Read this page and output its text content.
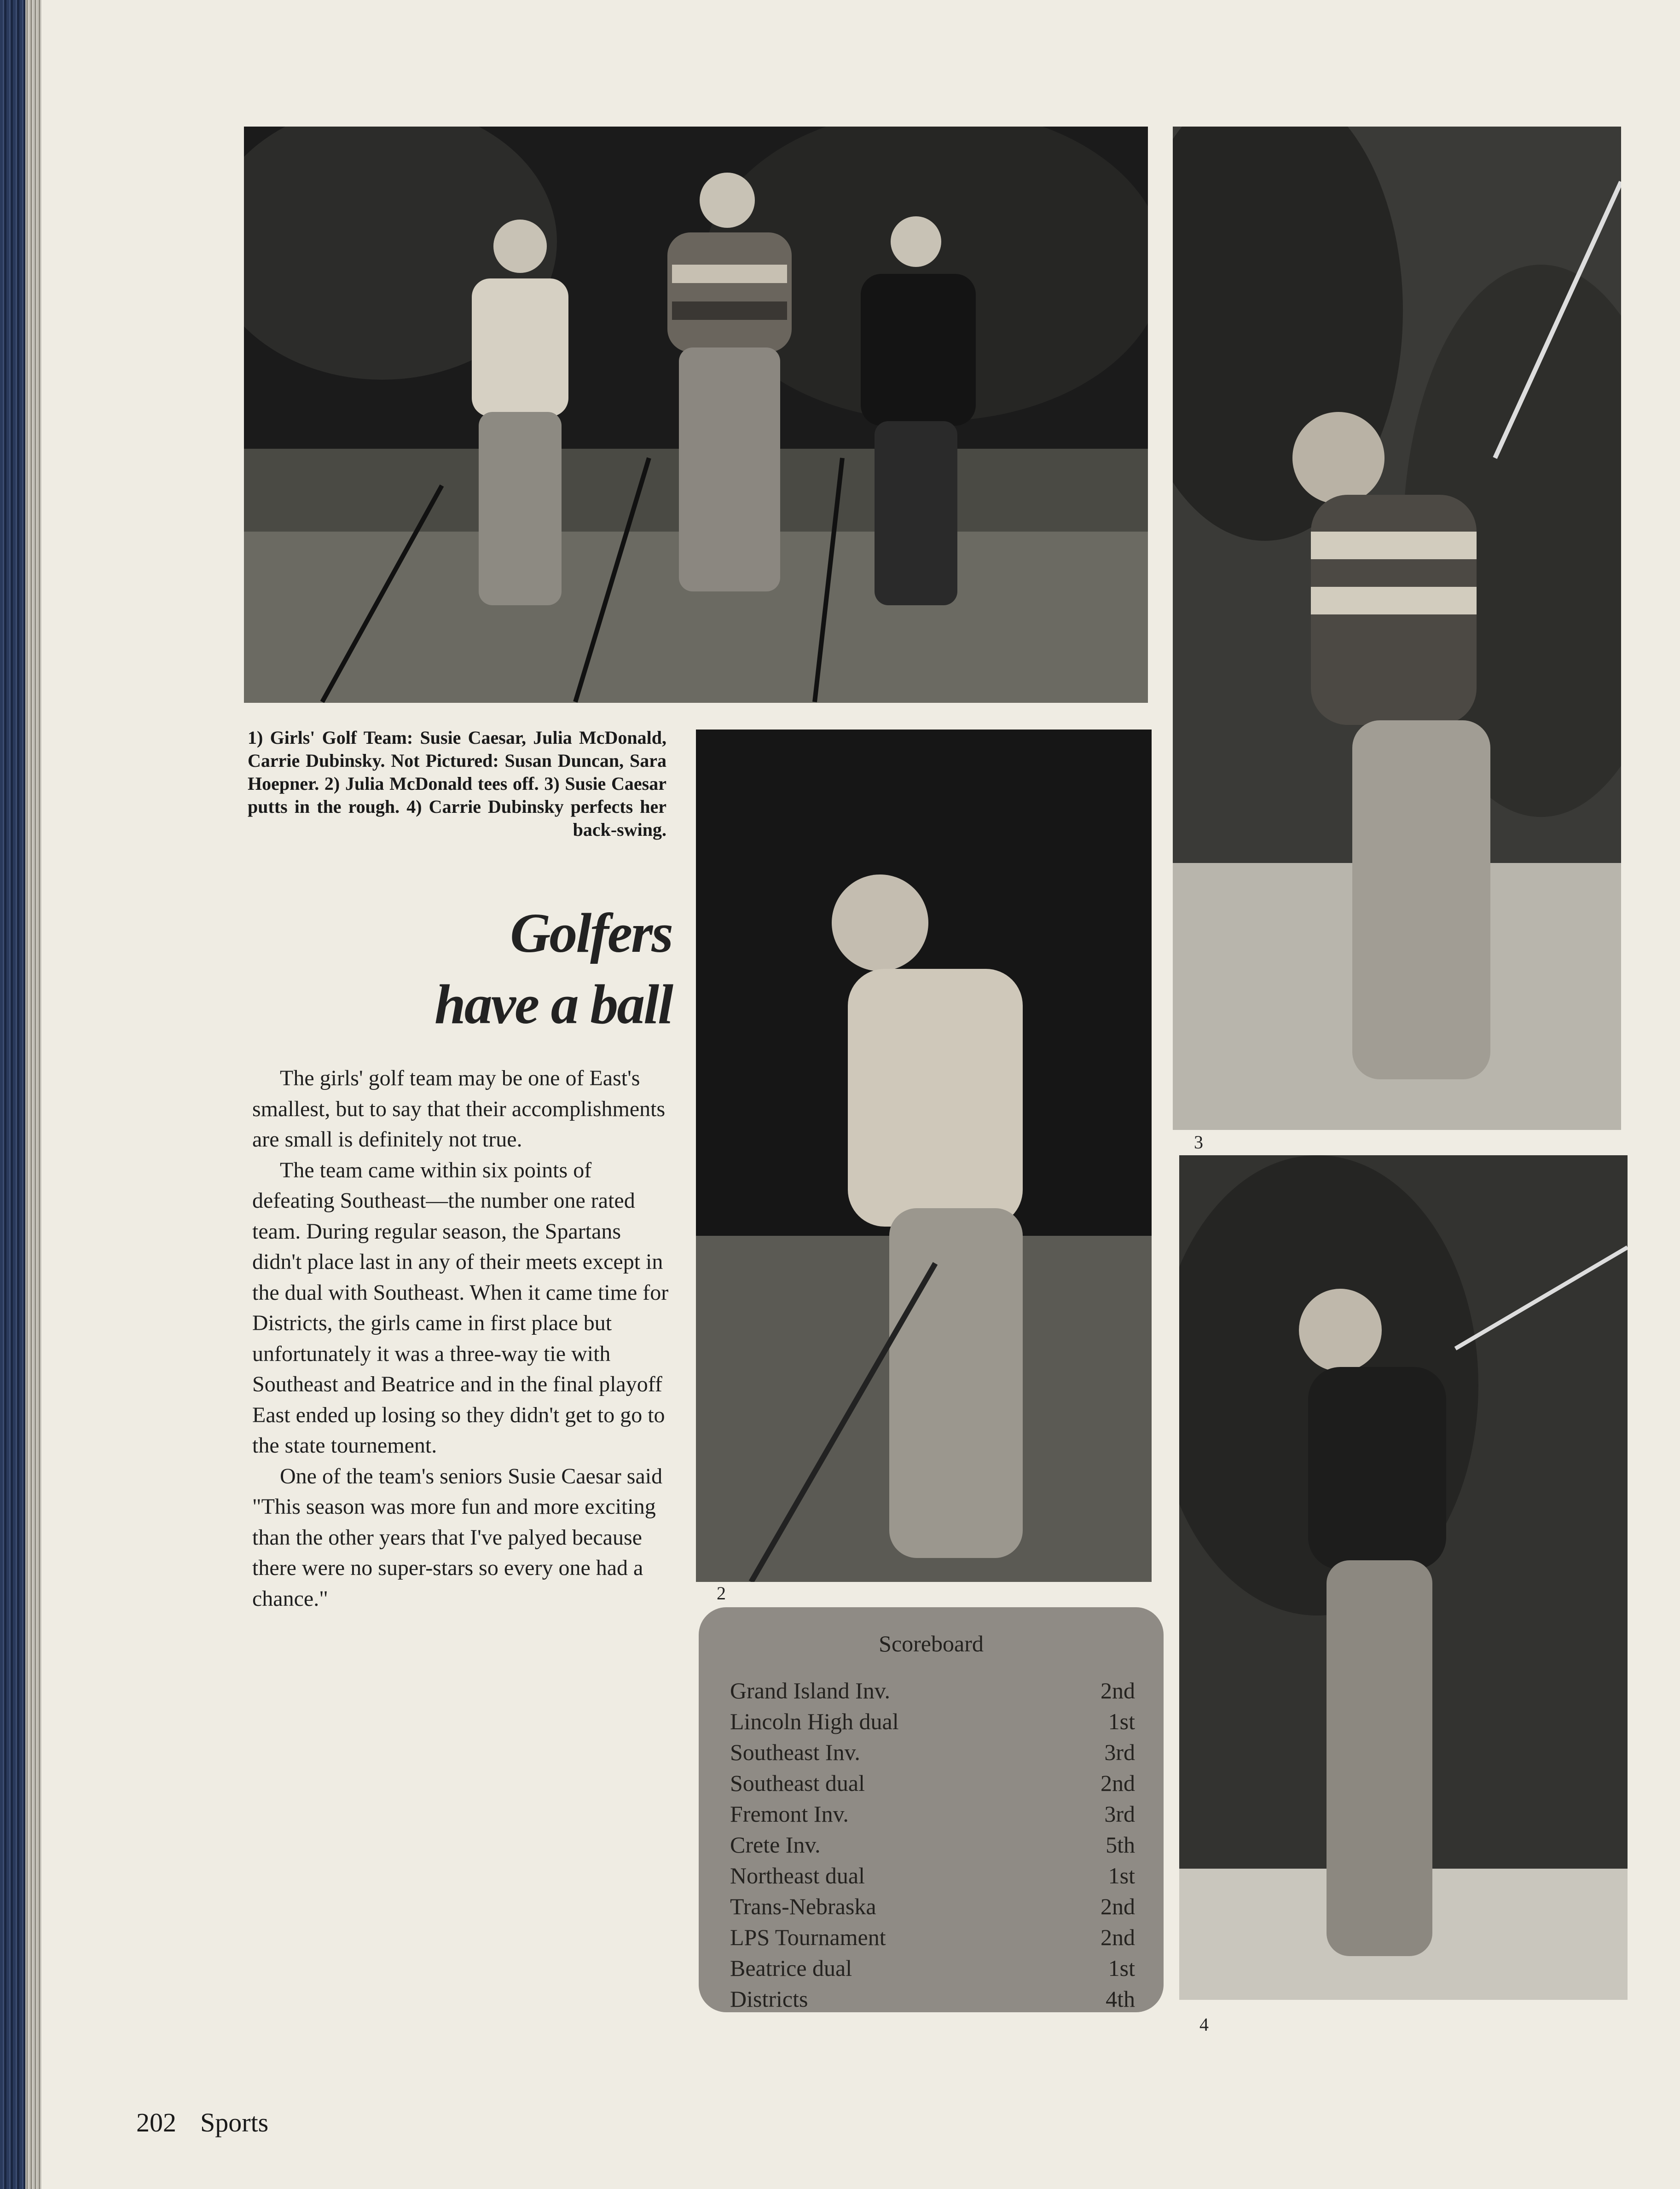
2
3
4
1) Girls' Golf Team: Susie Caesar, Julia McDonald, Carrie Dubinsky. Not Pictured: Susan Duncan, Sara Hoepner. 2) Julia McDonald tees off. 3) Susie Caesar putts in the rough. 4) Carrie Dubinsky perfects her back-swing.
Golfers
have a ball

The girls' golf team may be one of East's smallest, but to say that their accomplishments are small is definitely not true.

The team came within six points of defeating Southeast—the number one rated team. During regular season, the Spartans didn't place last in any of their meets except in the dual with Southeast. When it came time for Districts, the girls came in first place but unfortunately it was a three-way tie with Southeast and Beatrice and in the final playoff East ended up losing so they didn't get to go to the state tournement.

One of the team's seniors Susie Caesar said "This season was more fun and more exciting than the other years that I've palyed because there were no super-stars so every one had a chance."

Scoreboard
Grand Island Inv.	2nd
Lincoln High dual	1st
Southeast Inv.	3rd
Southeast dual	2nd
Fremont Inv.	3rd
Crete Inv.	5th
Northeast dual	1st
Trans-Nebraska	2nd
LPS Tournament	2nd
Beatrice dual	1st
Districts	4th
202 Sports
